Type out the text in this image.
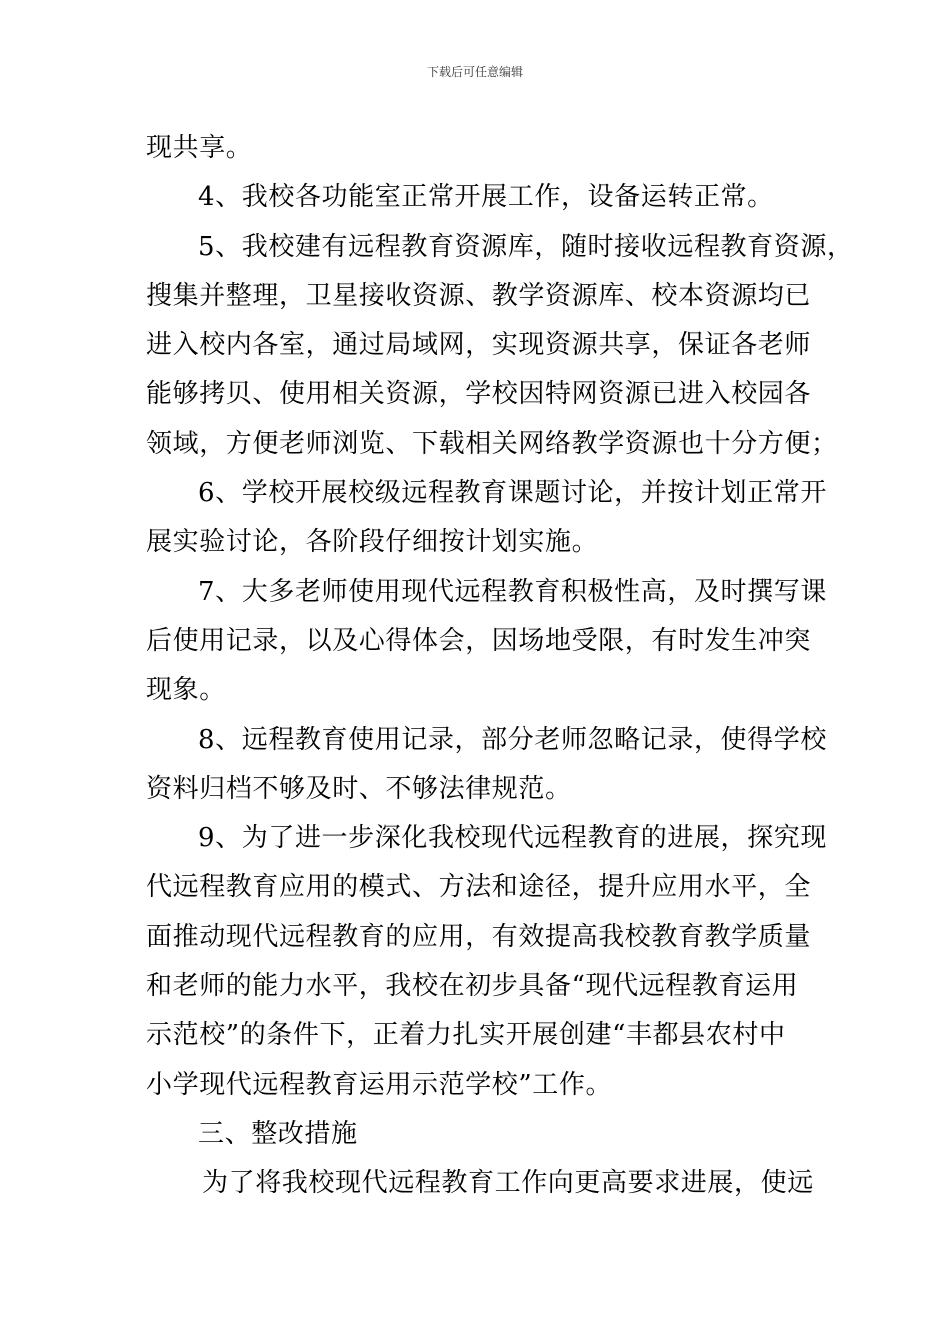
下载后可任意编辑
现共享。
4、我校各功能室正常开展工作，设备运转正常。
5、我校建有远程教育资源库，随时接收远程教育资源，
搜集并整理，卫星接收资源、教学资源库、校本资源均已
进入校内各室，通过局域网，实现资源共享，保证各老师
能够拷贝、使用相关资源，学校因特网资源已进入校园各
领域，方便老师浏览、下载相关网络教学资源也十分方便；
6、学校开展校级远程教育课题讨论，并按计划正常开
展实验讨论，各阶段仔细按计划实施。
7、大多老师使用现代远程教育积极性高，及时撰写课
后使用记录，以及心得体会，因场地受限，有时发生冲突
现象。
8、远程教育使用记录，部分老师忽略记录，使得学校
资料归档不够及时、不够法律规范。
9、为了进一步深化我校现代远程教育的进展，探究现
代远程教育应用的模式、方法和途径，提升应用水平，全
面推动现代远程教育的应用，有效提高我校教育教学质量
和老师的能力水平，我校在初步具备“现代远程教育运用
示范校”的条件下，正着力扎实开展创建“丰都县农村中
小学现代远程教育运用示范学校”工作。
三、整改措施
为了将我校现代远程教育工作向更高要求进展，使远
